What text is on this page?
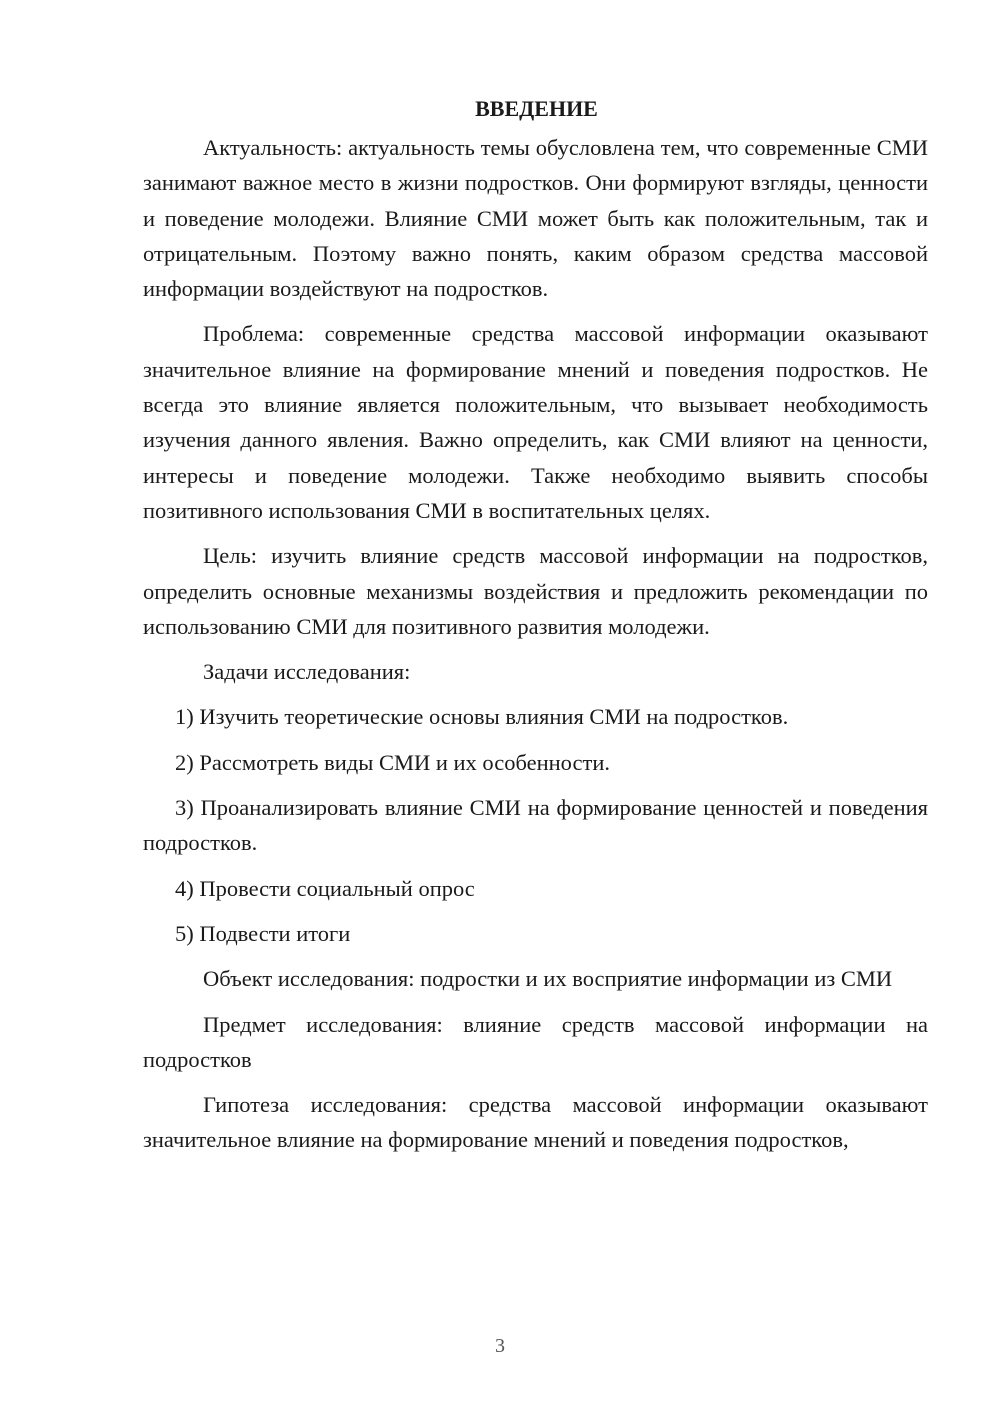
ВВЕДЕНИЕ

Актуальность: актуальность темы обусловлена тем, что современные СМИ занимают важное место в жизни подростков. Они формируют взгляды, ценности и поведение молодежи. Влияние СМИ может быть как положительным, так и отрицательным. Поэтому важно понять, каким образом средства массовой информации воздействуют на подростков.

Проблема: современные средства массовой информации оказывают значительное влияние на формирование мнений и поведения подростков. Не всегда это влияние является положительным, что вызывает необходимость изучения данного явления. Важно определить, как СМИ влияют на ценности, интересы и поведение молодежи. Также необходимо выявить способы позитивного использования СМИ в воспитательных целях.

Цель: изучить влияние средств массовой информации на подростков, определить основные механизмы воздействия и предложить рекомендации по использованию СМИ для позитивного развития молодежи.

Задачи исследования:

1) Изучить теоретические основы влияния СМИ на подростков.

2) Рассмотреть виды СМИ и их особенности.

3) Проанализировать влияние СМИ на формирование ценностей и поведения подростков.

4) Провести социальный опрос

5) Подвести итоги

Объект исследования: подростки и их восприятие информации из СМИ

Предмет исследования: влияние средств массовой информации на подростков

Гипотеза исследования: средства массовой информации оказывают значительное влияние на формирование мнений и поведения подростков,

3
